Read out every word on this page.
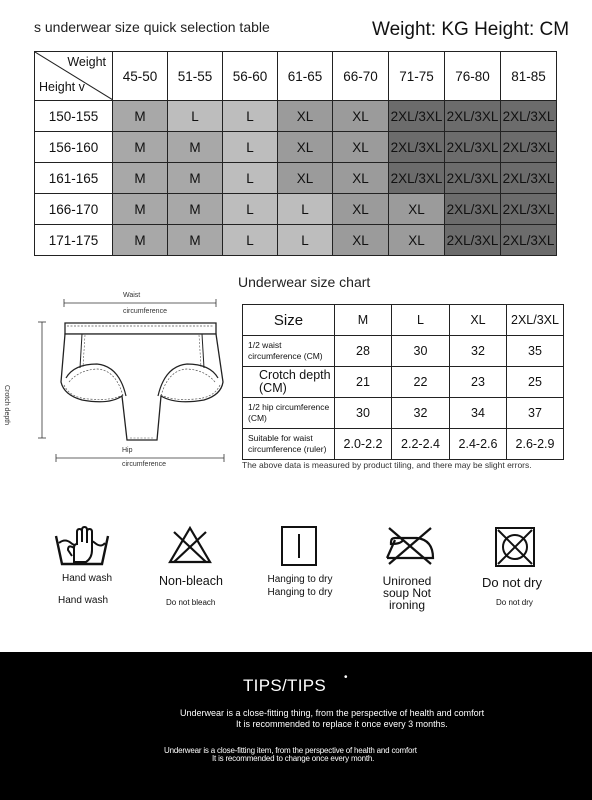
s underwear size quick selection table	Weight: KG Height: CM
Weight
Height v	45-50	51-55	56-60	61-65	66-70	71-75	76-80	81-85
150-155	M	L	L	XL	XL	2XL/3XL	2XL/3XL	2XL/3XL
156-160	M	M	L	XL	XL	2XL/3XL	2XL/3XL	2XL/3XL
161-165	M	M	L	XL	XL	2XL/3XL	2XL/3XL	2XL/3XL
166-170	M	M	L	L	XL	XL	2XL/3XL	2XL/3XL
171-175	M	M	L	L	XL	XL	2XL/3XL	2XL/3XL
Underwear size chart
Waist
circumference
Crotch depth
Hip
circumference
Size	M	L	XL	2XL/3XL
1/2 waist circumference (CM)	28	30	32	35
Crotch depth (CM)	21	22	23	25
1/2 hip circumference (CM)	30	32	34	37
Suitable for waist circumference (ruler)	2.0-2.2	2.2-2.4	2.4-2.6	2.6-2.9
The above data is measured by product tiling, and there may be slight errors.
Hand wash
Hand wash
Non-bleach
Do not bleach
Hanging to dry Hanging to dry
Unironed soup Not ironing
Do not dry
Do not dry
TIPS/TIPS •
Underwear is a close-fitting thing, from the perspective of health and comfort
It is recommended to replace it once every 3 months.
Underwear is a close-fitting item, from the perspective of health and comfort
It is recommended to change once every month.
